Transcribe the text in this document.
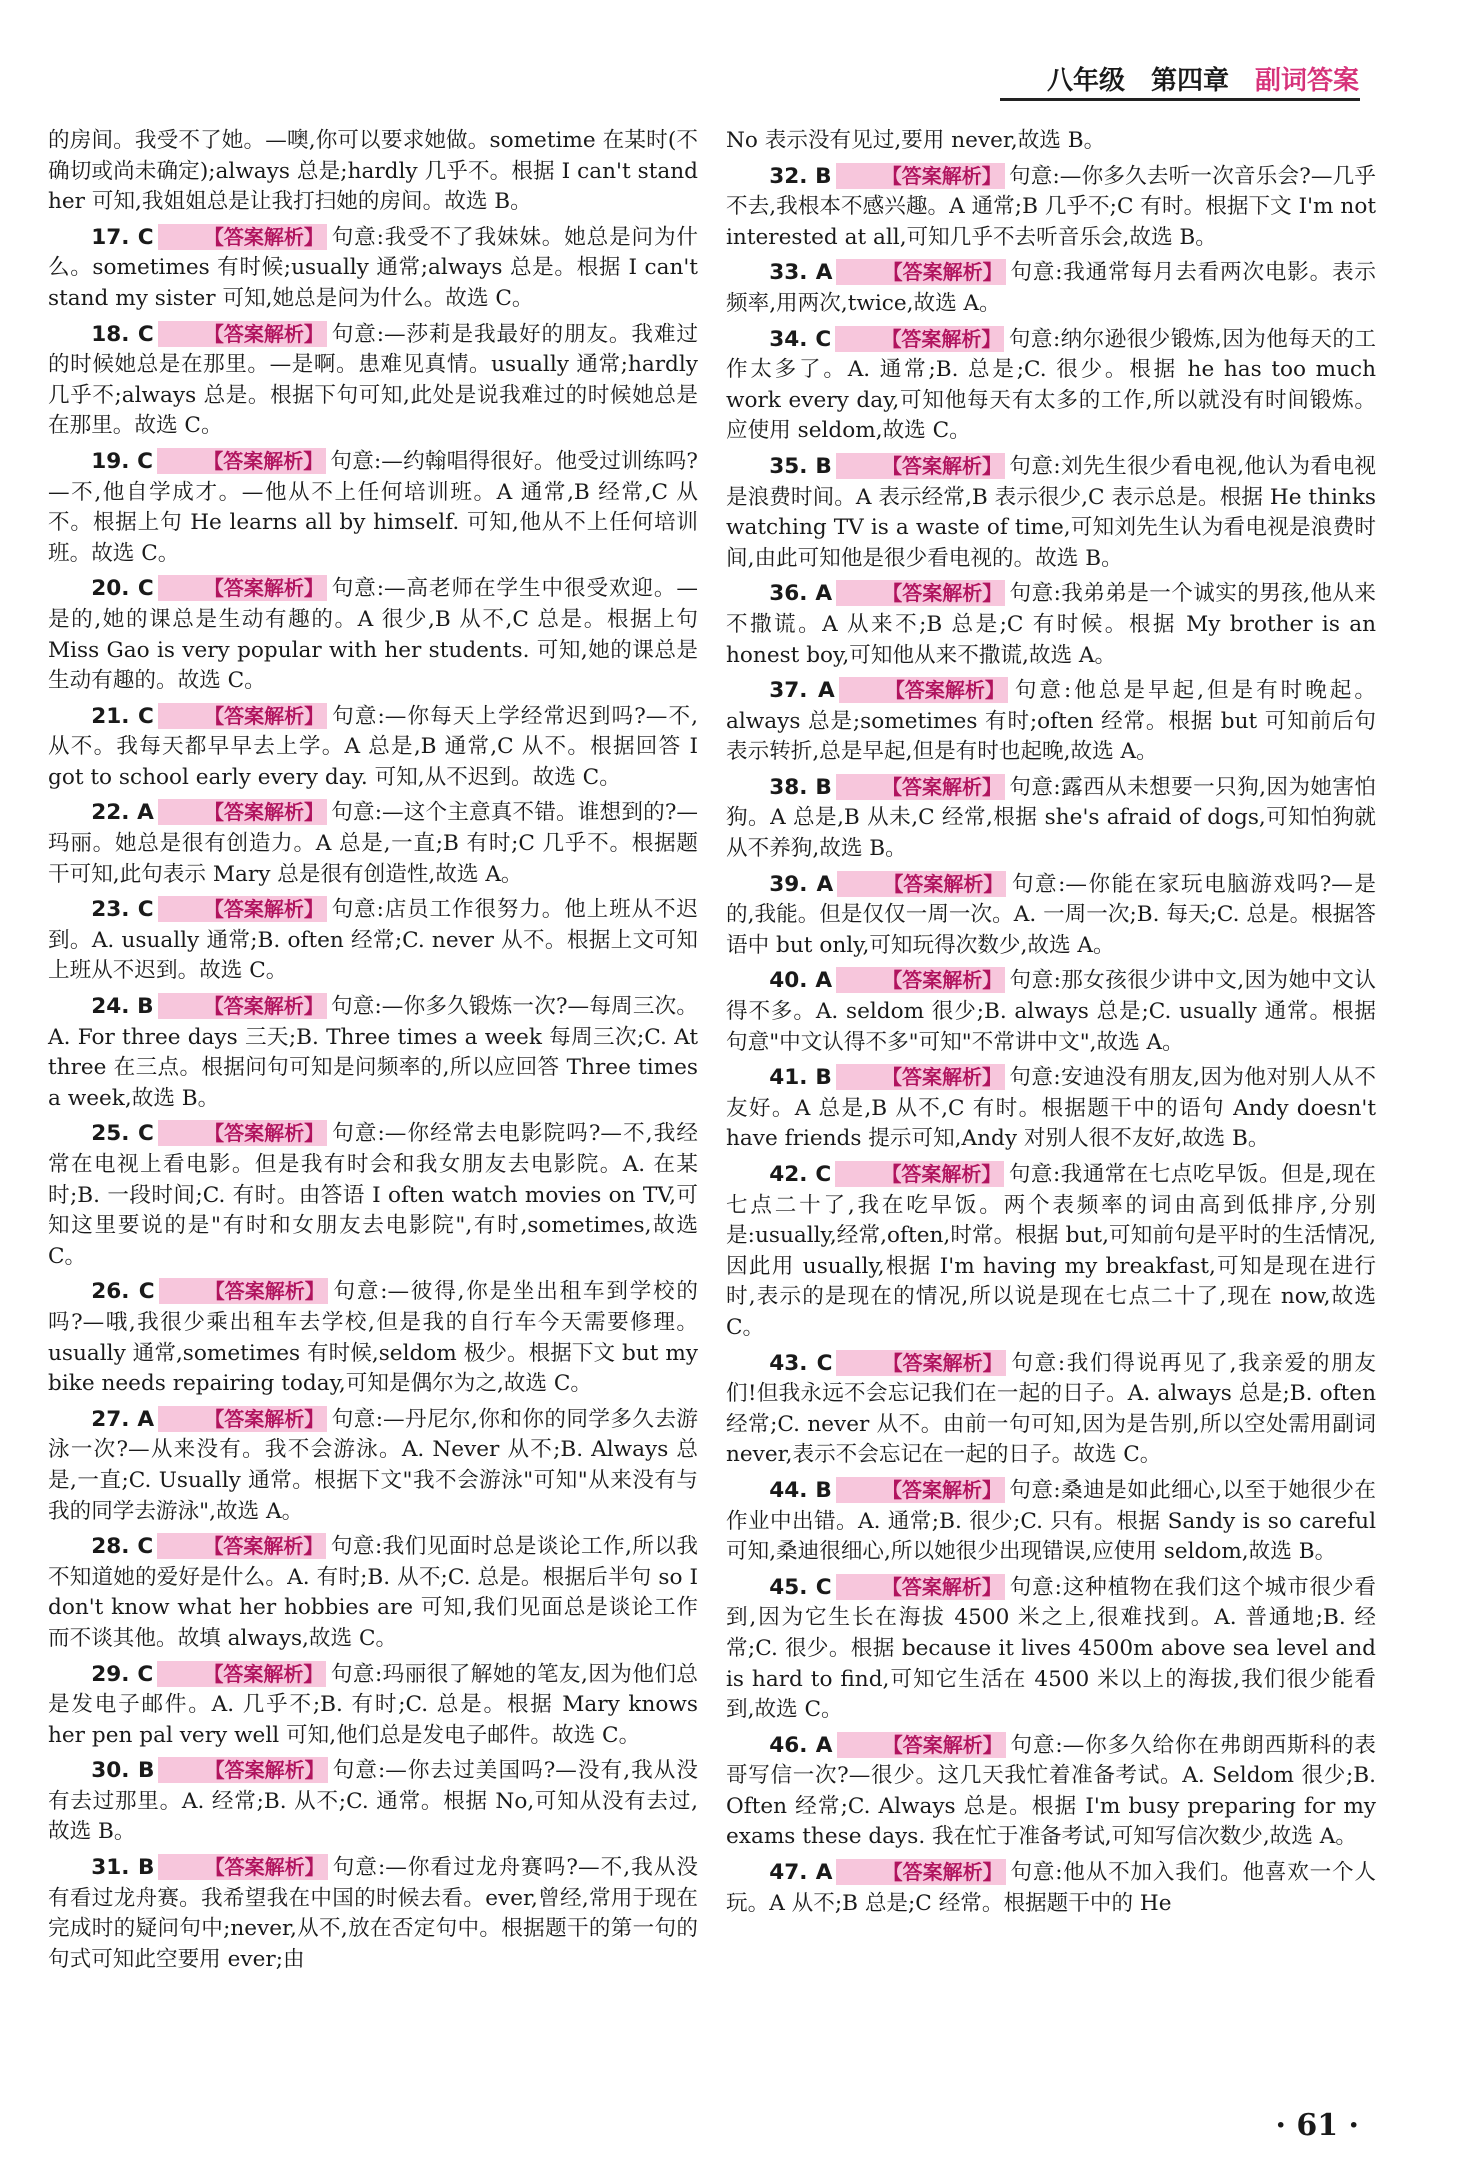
八年级 第四章 副词答案

的房间。我受不了她。—噢,你可以要求她做。sometime 在某时(不确切或尚未确定);always 总是;hardly 几乎不。根据 I can't stand her 可知,我姐姐总是让我打扫她的房间。故选 B。

17. C	【答案解析】 句意:我受不了我妹妹。她总是问为什么。sometimes 有时候;usually 通常;always 总是。根据 I can't stand my sister 可知,她总是问为什么。故选 C。

18. C	【答案解析】 句意:—莎莉是我最好的朋友。我难过的时候她总是在那里。—是啊。患难见真情。usually 通常;hardly 几乎不;always 总是。根据下句可知,此处是说我难过的时候她总是在那里。故选 C。

19. C	【答案解析】 句意:—约翰唱得很好。他受过训练吗?—不,他自学成才。—他从不上任何培训班。A 通常,B 经常,C 从不。根据上句 He learns all by himself. 可知,他从不上任何培训班。故选 C。

20. C	【答案解析】 句意:—高老师在学生中很受欢迎。—是的,她的课总是生动有趣的。A 很少,B 从不,C 总是。根据上句 Miss Gao is very popular with her students. 可知,她的课总是生动有趣的。故选 C。

21. C	【答案解析】 句意:—你每天上学经常迟到吗?—不,从不。我每天都早早去上学。A 总是,B 通常,C 从不。根据回答 I got to school early every day. 可知,从不迟到。故选 C。

22. A	【答案解析】 句意:—这个主意真不错。谁想到的?—玛丽。她总是很有创造力。A 总是,一直;B 有时;C 几乎不。根据题干可知,此句表示 Mary 总是很有创造性,故选 A。

23. C	【答案解析】 句意:店员工作很努力。他上班从不迟到。A. usually 通常;B. often 经常;C. never 从不。根据上文可知上班从不迟到。故选 C。

24. B	【答案解析】 句意:—你多久锻炼一次?—每周三次。A. For three days 三天;B. Three times a week 每周三次;C. At three 在三点。根据问句可知是问频率的,所以应回答 Three times a week,故选 B。

25. C	【答案解析】 句意:—你经常去电影院吗?—不,我经常在电视上看电影。但是我有时会和我女朋友去电影院。A. 在某时;B. 一段时间;C. 有时。由答语 I often watch movies on TV,可知这里要说的是"有时和女朋友去电影院",有时,sometimes,故选 C。

26. C	【答案解析】 句意:—彼得,你是坐出租车到学校的吗?—哦,我很少乘出租车去学校,但是我的自行车今天需要修理。usually 通常,sometimes 有时候,seldom 极少。根据下文 but my bike needs repairing today,可知是偶尔为之,故选 C。

27. A	【答案解析】 句意:—丹尼尔,你和你的同学多久去游泳一次?—从来没有。我不会游泳。A. Never 从不;B. Always 总是,一直;C. Usually 通常。根据下文"我不会游泳"可知"从来没有与我的同学去游泳",故选 A。

28. C	【答案解析】 句意:我们见面时总是谈论工作,所以我不知道她的爱好是什么。A. 有时;B. 从不;C. 总是。根据后半句 so I don't know what her hobbies are 可知,我们见面总是谈论工作而不谈其他。故填 always,故选 C。

29. C	【答案解析】 句意:玛丽很了解她的笔友,因为他们总是发电子邮件。A. 几乎不;B. 有时;C. 总是。根据 Mary knows her pen pal very well 可知,他们总是发电子邮件。故选 C。

30. B	【答案解析】 句意:—你去过美国吗?—没有,我从没有去过那里。A. 经常;B. 从不;C. 通常。根据 No,可知从没有去过,故选 B。

31. B	【答案解析】 句意:—你看过龙舟赛吗?—不,我从没有看过龙舟赛。我希望我在中国的时候去看。ever,曾经,常用于现在完成时的疑问句中;never,从不,放在否定句中。根据题干的第一句的句式可知此空要用 ever;由

No 表示没有见过,要用 never,故选 B。

32. B	【答案解析】 句意:—你多久去听一次音乐会?—几乎不去,我根本不感兴趣。A 通常;B 几乎不;C 有时。根据下文 I'm not interested at all,可知几乎不去听音乐会,故选 B。

33. A	【答案解析】 句意:我通常每月去看两次电影。表示频率,用两次,twice,故选 A。

34. C	【答案解析】 句意:纳尔逊很少锻炼,因为他每天的工作太多了。A. 通常;B. 总是;C. 很少。根据 he has too much work every day,可知他每天有太多的工作,所以就没有时间锻炼。应使用 seldom,故选 C。

35. B	【答案解析】 句意:刘先生很少看电视,他认为看电视是浪费时间。A 表示经常,B 表示很少,C 表示总是。根据 He thinks watching TV is a waste of time,可知刘先生认为看电视是浪费时间,由此可知他是很少看电视的。故选 B。

36. A	【答案解析】 句意:我弟弟是一个诚实的男孩,他从来不撒谎。A 从来不;B 总是;C 有时候。根据 My brother is an honest boy,可知他从来不撒谎,故选 A。

37. A	【答案解析】 句意:他总是早起,但是有时晚起。always 总是;sometimes 有时;often 经常。根据 but 可知前后句表示转折,总是早起,但是有时也起晚,故选 A。

38. B	【答案解析】 句意:露西从未想要一只狗,因为她害怕狗。A 总是,B 从未,C 经常,根据 she's afraid of dogs,可知怕狗就从不养狗,故选 B。

39. A	【答案解析】 句意:—你能在家玩电脑游戏吗?—是的,我能。但是仅仅一周一次。A. 一周一次;B. 每天;C. 总是。根据答语中 but only,可知玩得次数少,故选 A。

40. A	【答案解析】 句意:那女孩很少讲中文,因为她中文认得不多。A. seldom 很少;B. always 总是;C. usually 通常。根据句意"中文认得不多"可知"不常讲中文",故选 A。

41. B	【答案解析】 句意:安迪没有朋友,因为他对别人从不友好。A 总是,B 从不,C 有时。根据题干中的语句 Andy doesn't have friends 提示可知,Andy 对别人很不友好,故选 B。

42. C	【答案解析】 句意:我通常在七点吃早饭。但是,现在七点二十了,我在吃早饭。两个表频率的词由高到低排序,分别是:usually,经常,often,时常。根据 but,可知前句是平时的生活情况,因此用 usually,根据 I'm having my breakfast,可知是现在进行时,表示的是现在的情况,所以说是现在七点二十了,现在 now,故选 C。

43. C	【答案解析】 句意:我们得说再见了,我亲爱的朋友们!但我永远不会忘记我们在一起的日子。A. always 总是;B. often 经常;C. never 从不。由前一句可知,因为是告别,所以空处需用副词 never,表示不会忘记在一起的日子。故选 C。

44. B	【答案解析】 句意:桑迪是如此细心,以至于她很少在作业中出错。A. 通常;B. 很少;C. 只有。根据 Sandy is so careful 可知,桑迪很细心,所以她很少出现错误,应使用 seldom,故选 B。

45. C	【答案解析】 句意:这种植物在我们这个城市很少看到,因为它生长在海拔 4500 米之上,很难找到。A. 普通地;B. 经常;C. 很少。根据 because it lives 4500m above sea level and is hard to find,可知它生活在 4500 米以上的海拔,我们很少能看到,故选 C。

46. A	【答案解析】 句意:—你多久给你在弗朗西斯科的表哥写信一次?—很少。这几天我忙着准备考试。A. Seldom 很少;B. Often 经常;C. Always 总是。根据 I'm busy preparing for my exams these days. 我在忙于准备考试,可知写信次数少,故选 A。

47. A	【答案解析】 句意:他从不加入我们。他喜欢一个人玩。A 从不;B 总是;C 经常。根据题干中的 He

· 61 ·
